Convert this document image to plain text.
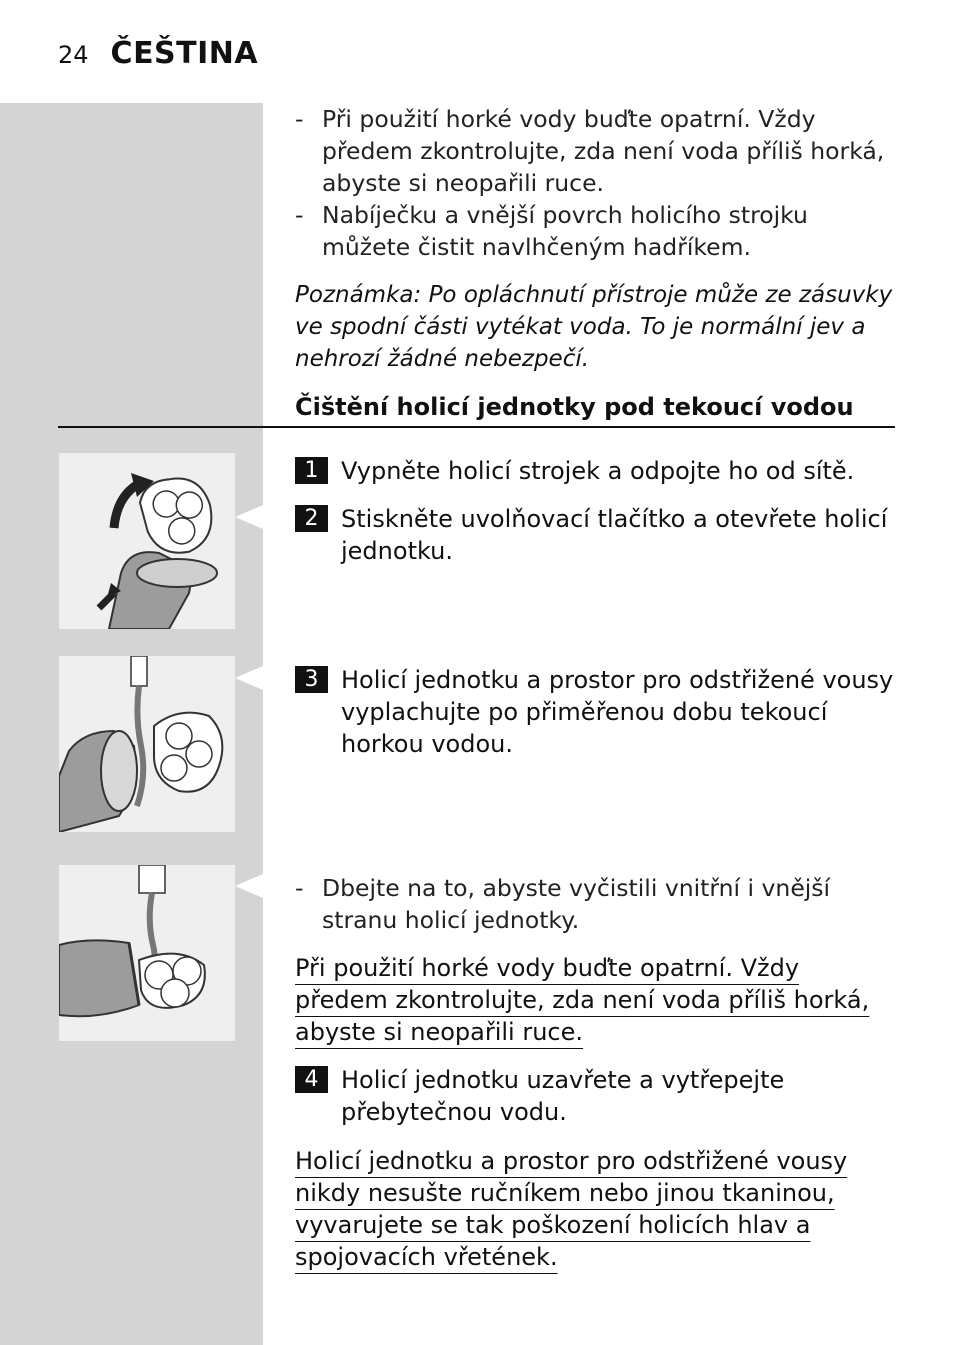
24 ČEŠTINA
- Při použití horké vody buďte opatrní. Vždy předem zkontrolujte, zda není voda příliš horká, abyste si neopařili ruce.
- Nabíječku a vnější povrch holicího strojku můžete čistit navlhčeným hadříkem.
Poznámka: Po opláchnutí přístroje může ze zásuvky ve spodní části vytékat voda. To je normální jev a nehrozí žádné nebezpečí.
Čištění holicí jednotky pod tekoucí vodou
1 Vypněte holicí strojek a odpojte ho od sítě.
2 Stiskněte uvolňovací tlačítko a otevřete holicí jednotku.
3 Holicí jednotku a prostor pro odstřižené vousy vyplachujte po přiměřenou dobu tekoucí horkou vodou.
- Dbejte na to, abyste vyčistili vnitřní i vnější stranu holicí jednotky.
Při použití horké vody buďte opatrní. Vždy předem zkontrolujte, zda není voda příliš horká, abyste si neopařili ruce.
4 Holicí jednotku uzavřete a vytřepejte přebytečnou vodu.
Holicí jednotku a prostor pro odstřižené vousy nikdy nesušte ručníkem nebo jinou tkaninou, vyvarujete se tak poškození holicích hlav a spojovacích vřetének.
